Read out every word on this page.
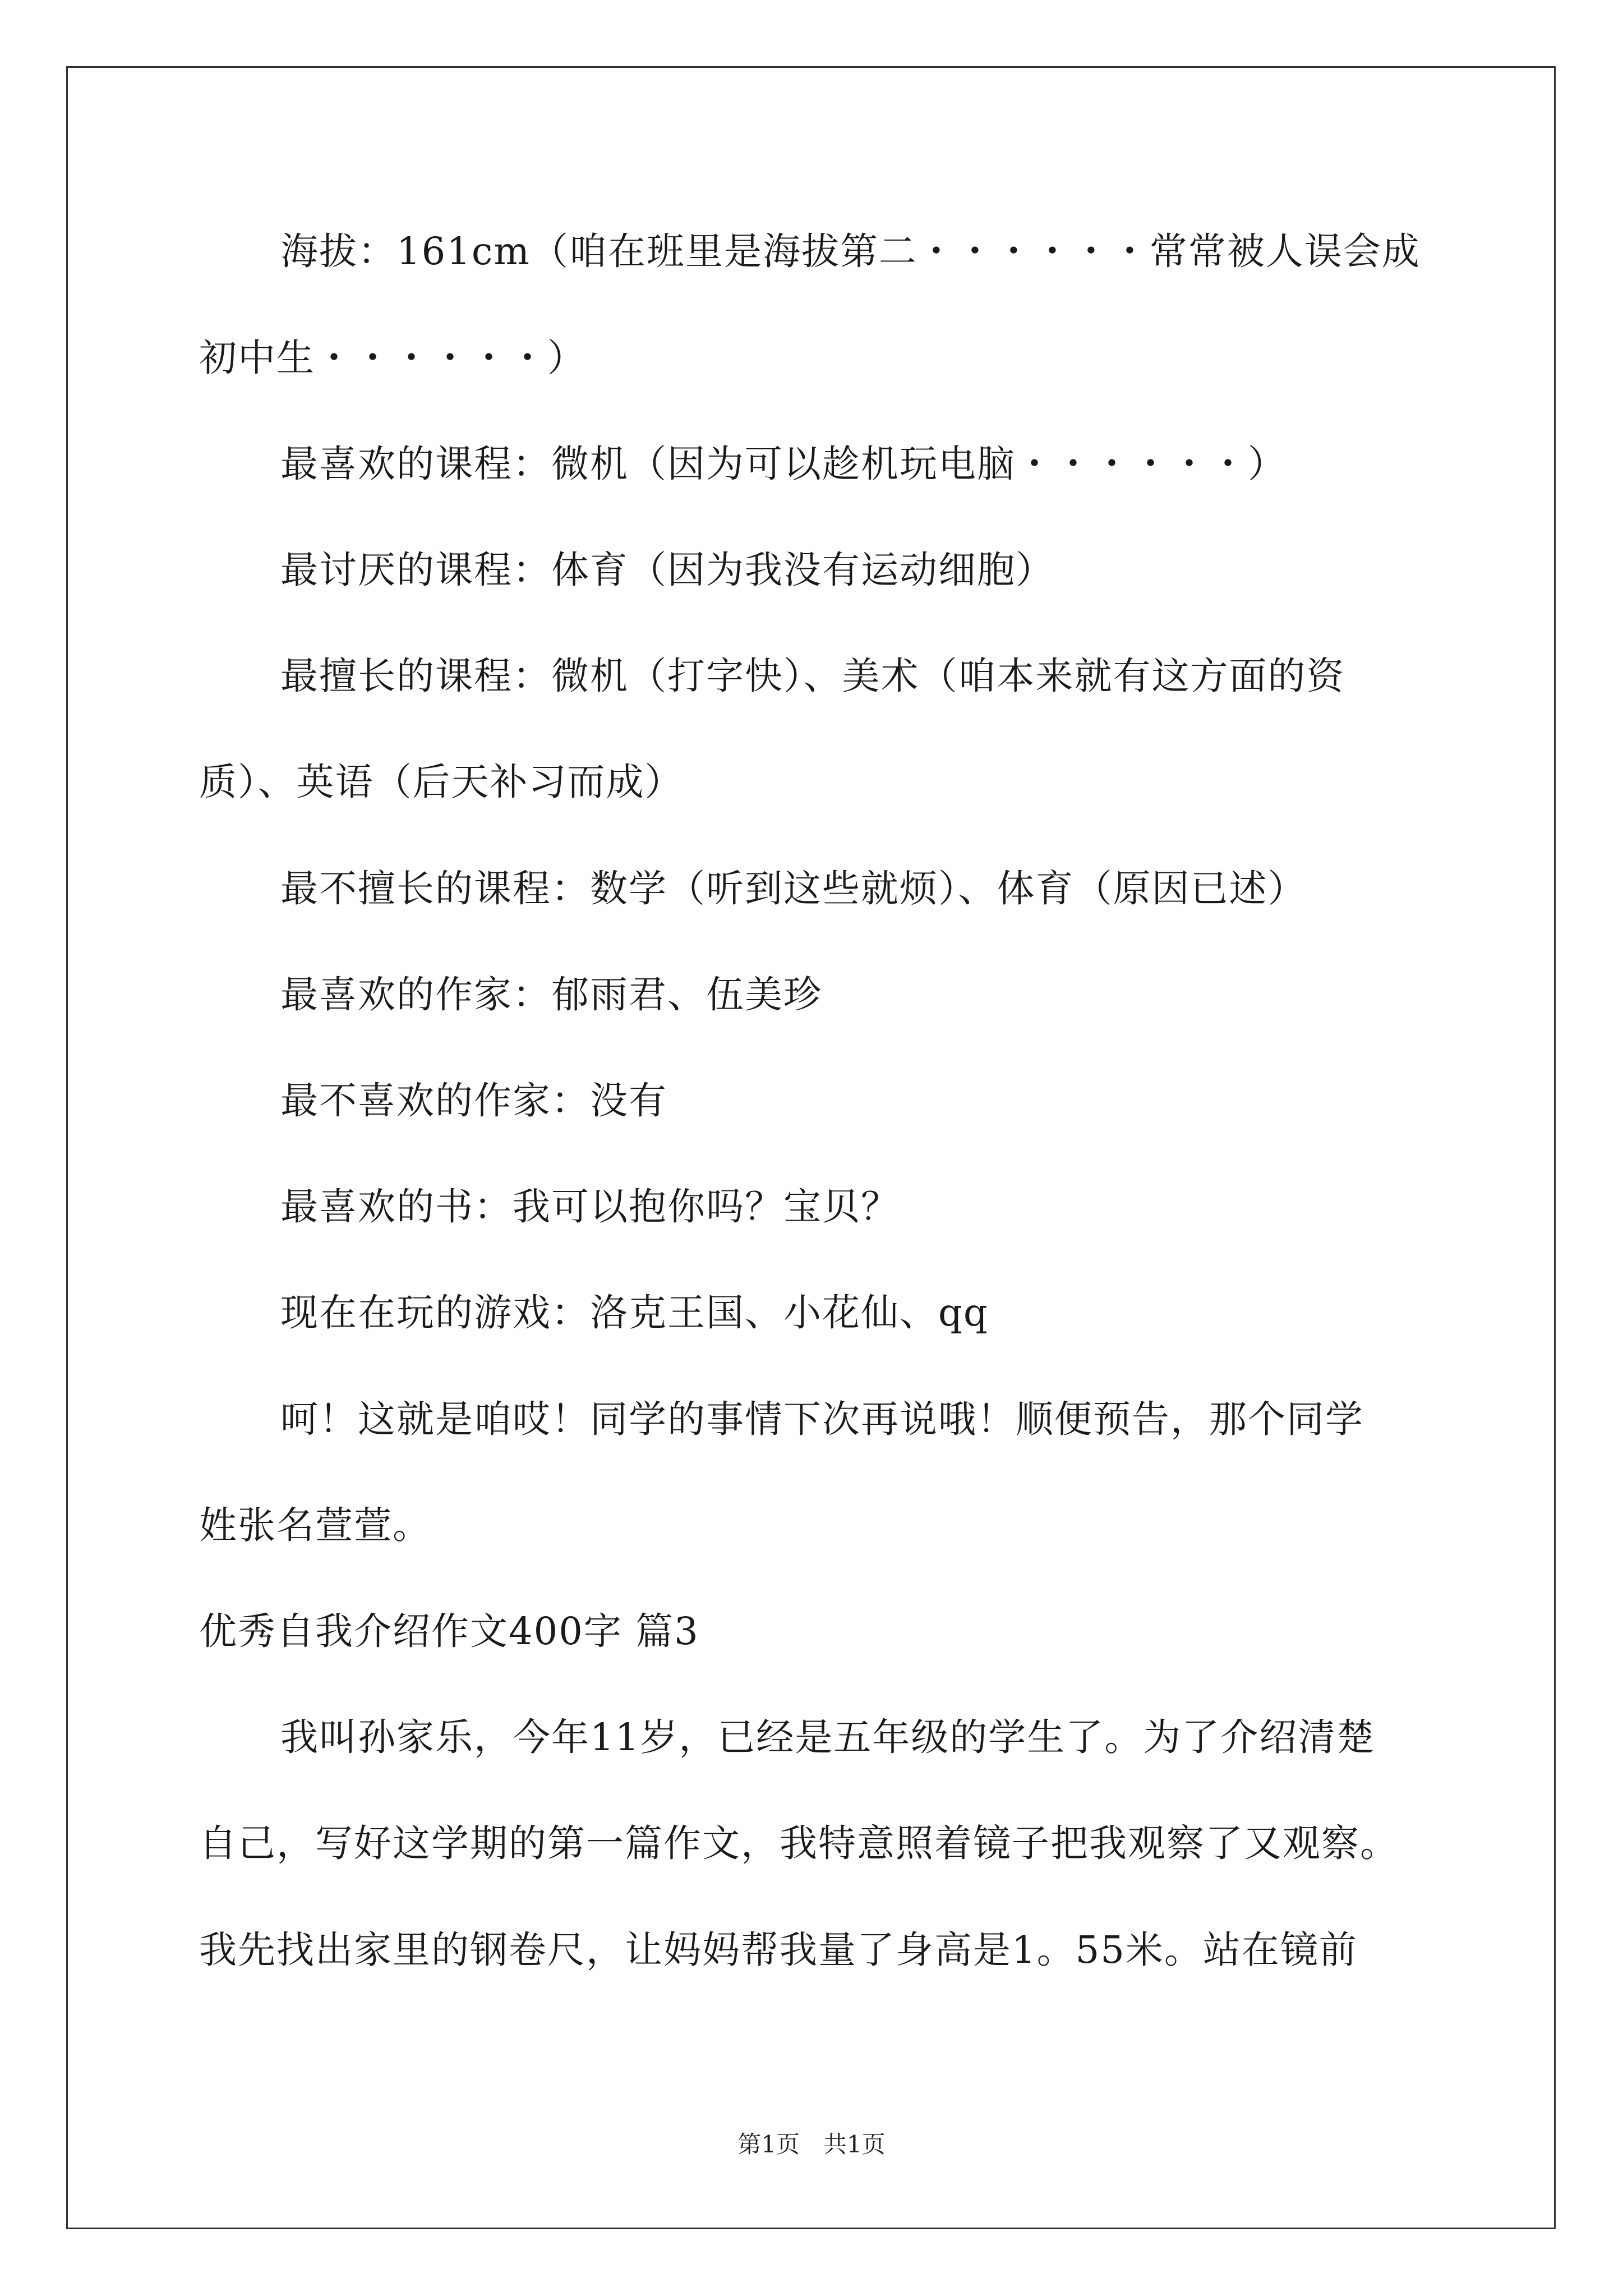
海拔：161cm（咱在班里是海拔第二・・・・・・常常被人误会成
初中生・・・・・・）
最喜欢的课程：微机（因为可以趁机玩电脑・・・・・・）
最讨厌的课程：体育（因为我没有运动细胞）
最擅长的课程：微机（打字快）、美术（咱本来就有这方面的资
质）、英语（后天补习而成）
最不擅长的课程：数学（听到这些就烦）、体育（原因已述）
最喜欢的作家：郁雨君、伍美珍
最不喜欢的作家：没有
最喜欢的书：我可以抱你吗？宝贝？
现在在玩的游戏：洛克王国、小花仙、qq
呵！这就是咱哎！同学的事情下次再说哦！顺便预告，那个同学
姓张名萱萱。
优秀自我介绍作文400字 篇3
我叫孙家乐，今年11岁，已经是五年级的学生了。为了介绍清楚
自己，写好这学期的第一篇作文，我特意照着镜子把我观察了又观察。
我先找出家里的钢卷尺，让妈妈帮我量了身高是1。55米。站在镜前
第1页　共1页
